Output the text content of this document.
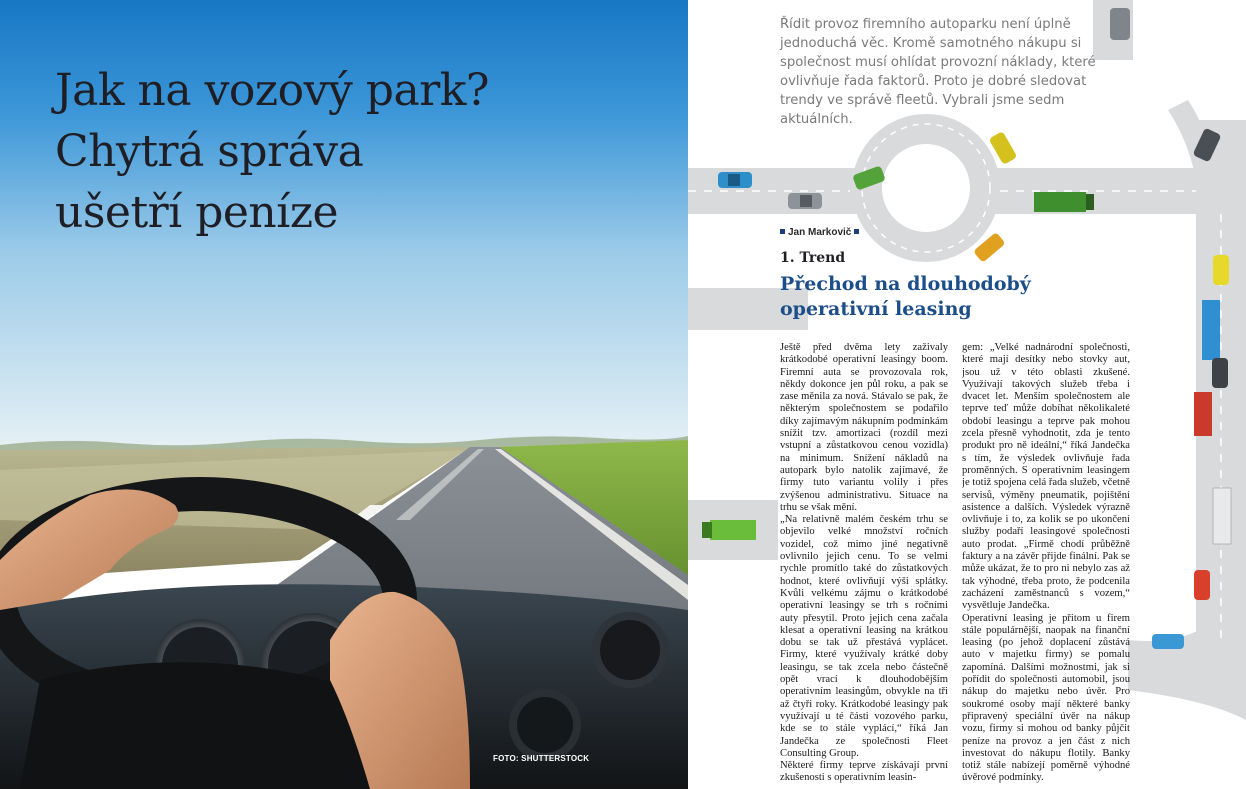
Jak na vozový park?
Chytrá správa
ušetří peníze
FOTO: SHUTTERSTOCK

Řídit provoz firemního autoparku není úplně jednoduchá věc. Kromě samotného nákupu si společnost musí ohlídat provozní náklady, které ovlivňuje řada faktorů. Proto je dobré sledovat trendy ve správě fleetů. Vybrali jsme sedm aktuálních.

Jan Markovič
1. Trend
Přechod na dlouhodobý
operativní leasing

Ještě před dvěma lety zaživaly krátkodobé operativní leasingy boom. Firemní auta se provozovala rok, někdy dokonce jen půl roku, a pak se zase měnila za nová. Stávalo se pak, že některým společnostem se podařilo díky zajímavým nákupním podmínkám snížit tzv. amortizaci (rozdíl mezi vstupní a zůstatkovou cenou vozidla) na minimum. Snížení nákladů na autopark bylo natolik zajímavé, že firmy tuto variantu volily i přes zvýšenou administrativu. Situace na trhu se však mění.

„Na relativně malém českém trhu se objevilo velké množství ročních vozidel, což mimo jiné negativně ovlivnilo jejich cenu. To se velmi rychle promítlo také do zůstatkových hodnot, které ovlivňují výši splátky. Kvůli velkému zájmu o krátkodobé operativní leasingy se trh s ročními auty přesytil. Proto jejich cena začala klesat a operativní leasing na krátkou dobu se tak už přestává vyplácet. Firmy, které využívaly krátké doby leasingu, se tak zcela nebo částečně opět vrací k dlouhodobějším operativním leasingům, obvykle na tři až čtyři roky. Krátkodobé leasingy pak využívají u té části vozového parku, kde se to stále vyplácí,“ říká Jan Jandečka ze společnosti Fleet Consulting Group.

Některé firmy teprve získávají první zkušenosti s operativním leasin-

gem: „Velké nadnárodní společnosti, které mají desítky nebo stovky aut, jsou už v této oblasti zkušené. Využívají takových služeb třeba i dvacet let. Menším společnostem ale teprve teď může dobíhat několikaleté období leasingu a teprve pak mohou zcela přesně vyhodnotit, zda je tento produkt pro ně ideální,“ říká Jandečka s tím, že výsledek ovlivňuje řada proměnných. S operativním leasingem je totiž spojena celá řada služeb, včetně servisů, výměny pneumatik, pojištění asistence a dalších. Výsledek výrazně ovlivňuje i to, za kolik se po ukončení služby podaří leasingové společnosti auto prodat. „Firmě chodí průběžně faktury a na závěr přijde finální. Pak se může ukázat, že to pro ni nebylo zas až tak výhodné, třeba proto, že podcenila zacházení zaměstnanců s vozem,“ vysvětluje Jandečka.

Operativní leasing je přitom u firem stále populárnější, naopak na finanční leasing (po jehož doplacení zůstává auto v majetku firmy) se pomalu zapomíná. Dalšími možnostmi, jak si pořídit do společnosti automobil, jsou nákup do majetku nebo úvěr. Pro soukromé osoby mají některé banky připravený speciální úvěr na nákup vozu, firmy si mohou od banky půjčit peníze na provoz a jen část z nich investovat do nákupu flotily. Banky totiž stále nabízejí poměrně výhodné úvěrové podmínky.
